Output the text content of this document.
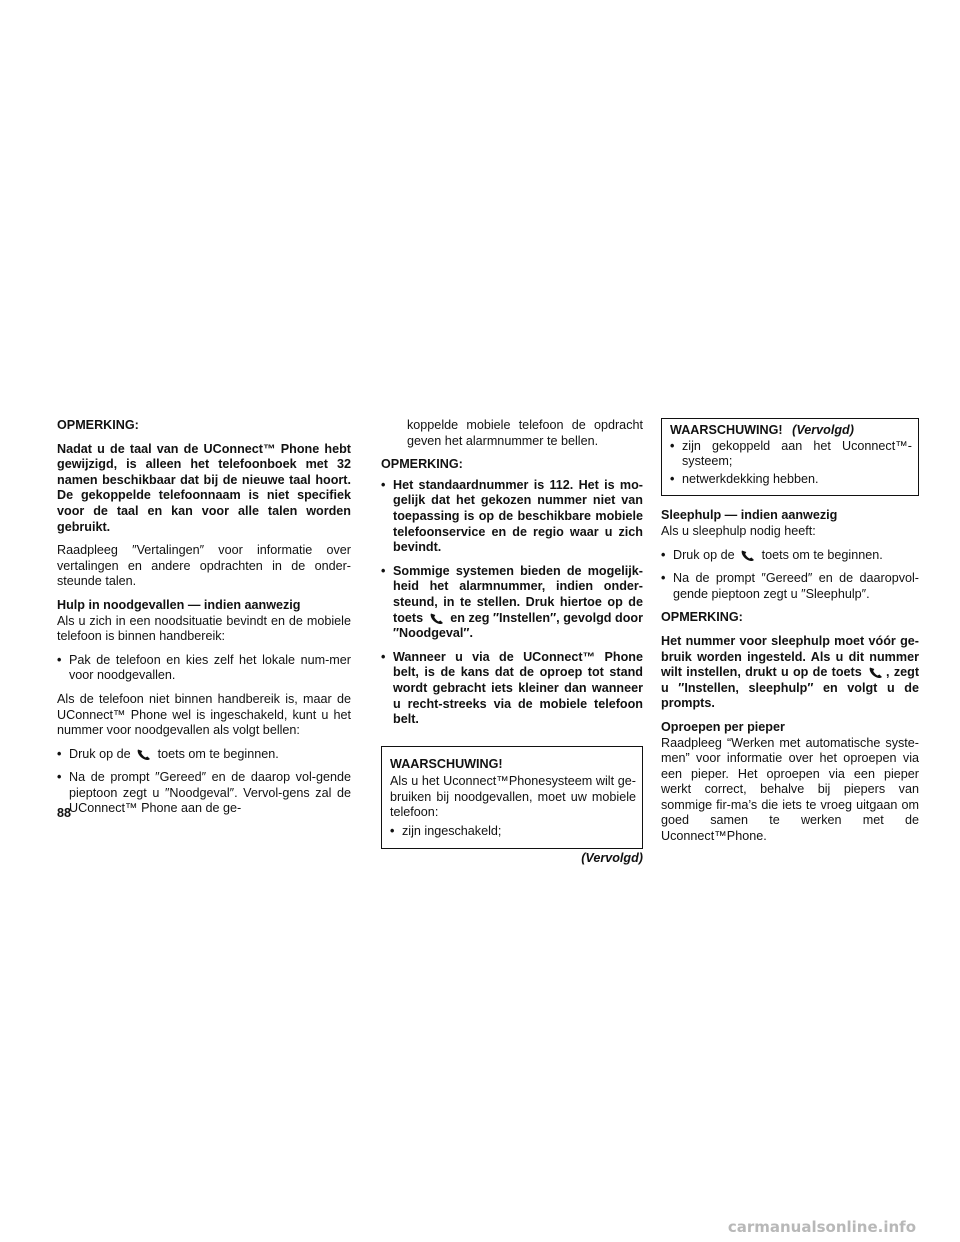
OPMERKING:

Nadat u de taal van de UConnect™ Phone hebt gewijzigd, is alleen het telefoonboek met 32 namen beschikbaar dat bij de nieuwe taal hoort. De gekoppelde telefoonnaam is niet specifiek voor de taal en kan voor alle talen worden gebruikt.

Raadpleeg ″Vertalingen″ voor informatie over vertalingen en andere opdrachten in de onder-steunde talen.

Hulp in noodgevallen — indien aanwezig

Als u zich in een noodsituatie bevindt en de mobiele telefoon is binnen handbereik:

• Pak de telefoon en kies zelf het lokale num-mer voor noodgevallen.

Als de telefoon niet binnen handbereik is, maar de UConnect™ Phone wel is ingeschakeld, kunt u het nummer voor noodgevallen als volgt bellen:

• Druk op de toets om te beginnen.
• Na de prompt ″Gereed″ en de daarop vol-gende pieptoon zegt u ″Noodgeval″. Vervol-gens zal de UConnect™ Phone aan de ge-

koppelde mobiele telefoon de opdracht geven het alarmnummer te bellen.

OPMERKING:

• Het standaardnummer is 112. Het is mo-gelijk dat het gekozen nummer niet van toepassing is op de beschikbare mobiele telefoonservice en de regio waar u zich bevindt.
• Sommige systemen bieden de mogelijk-heid het alarmnummer, indien onder-steund, in te stellen. Druk hiertoe op de toets en zeg ″Instellen″, gevolgd door ″Noodgeval″.
• Wanneer u via de UConnect™ Phone belt, is de kans dat de oproep tot stand wordt gebracht iets kleiner dan wanneer u recht-streeks via de mobiele telefoon belt.

WAARSCHUWING!

Als u het Uconnect™Phonesysteem wilt ge-bruiken bij noodgevallen, moet uw mobiele telefoon:

• zijn ingeschakeld;
(Vervolgd)

WAARSCHUWING! (Vervolgd)

• zijn gekoppeld aan het Uconnect™-systeem;
• netwerkdekking hebben.

Sleephulp — indien aanwezig

Als u sleephulp nodig heeft:

• Druk op de toets om te beginnen.
• Na de prompt ″Gereed″ en de daaropvol-gende pieptoon zegt u ″Sleephulp″.

OPMERKING:

Het nummer voor sleephulp moet vóór ge-bruik worden ingesteld. Als u dit nummer wilt instellen, drukt u op de toets , zegt u ″Instellen, sleephulp″ en volgt u de prompts.

Oproepen per pieper

Raadpleeg “Werken met automatische syste-men” voor informatie over het oproepen via een pieper. Het oproepen via een pieper werkt correct, behalve bij piepers van sommige fir-ma’s die iets te vroeg uitgaan om goed samen te werken met de Uconnect™Phone.

88
carmanualsonline.info
